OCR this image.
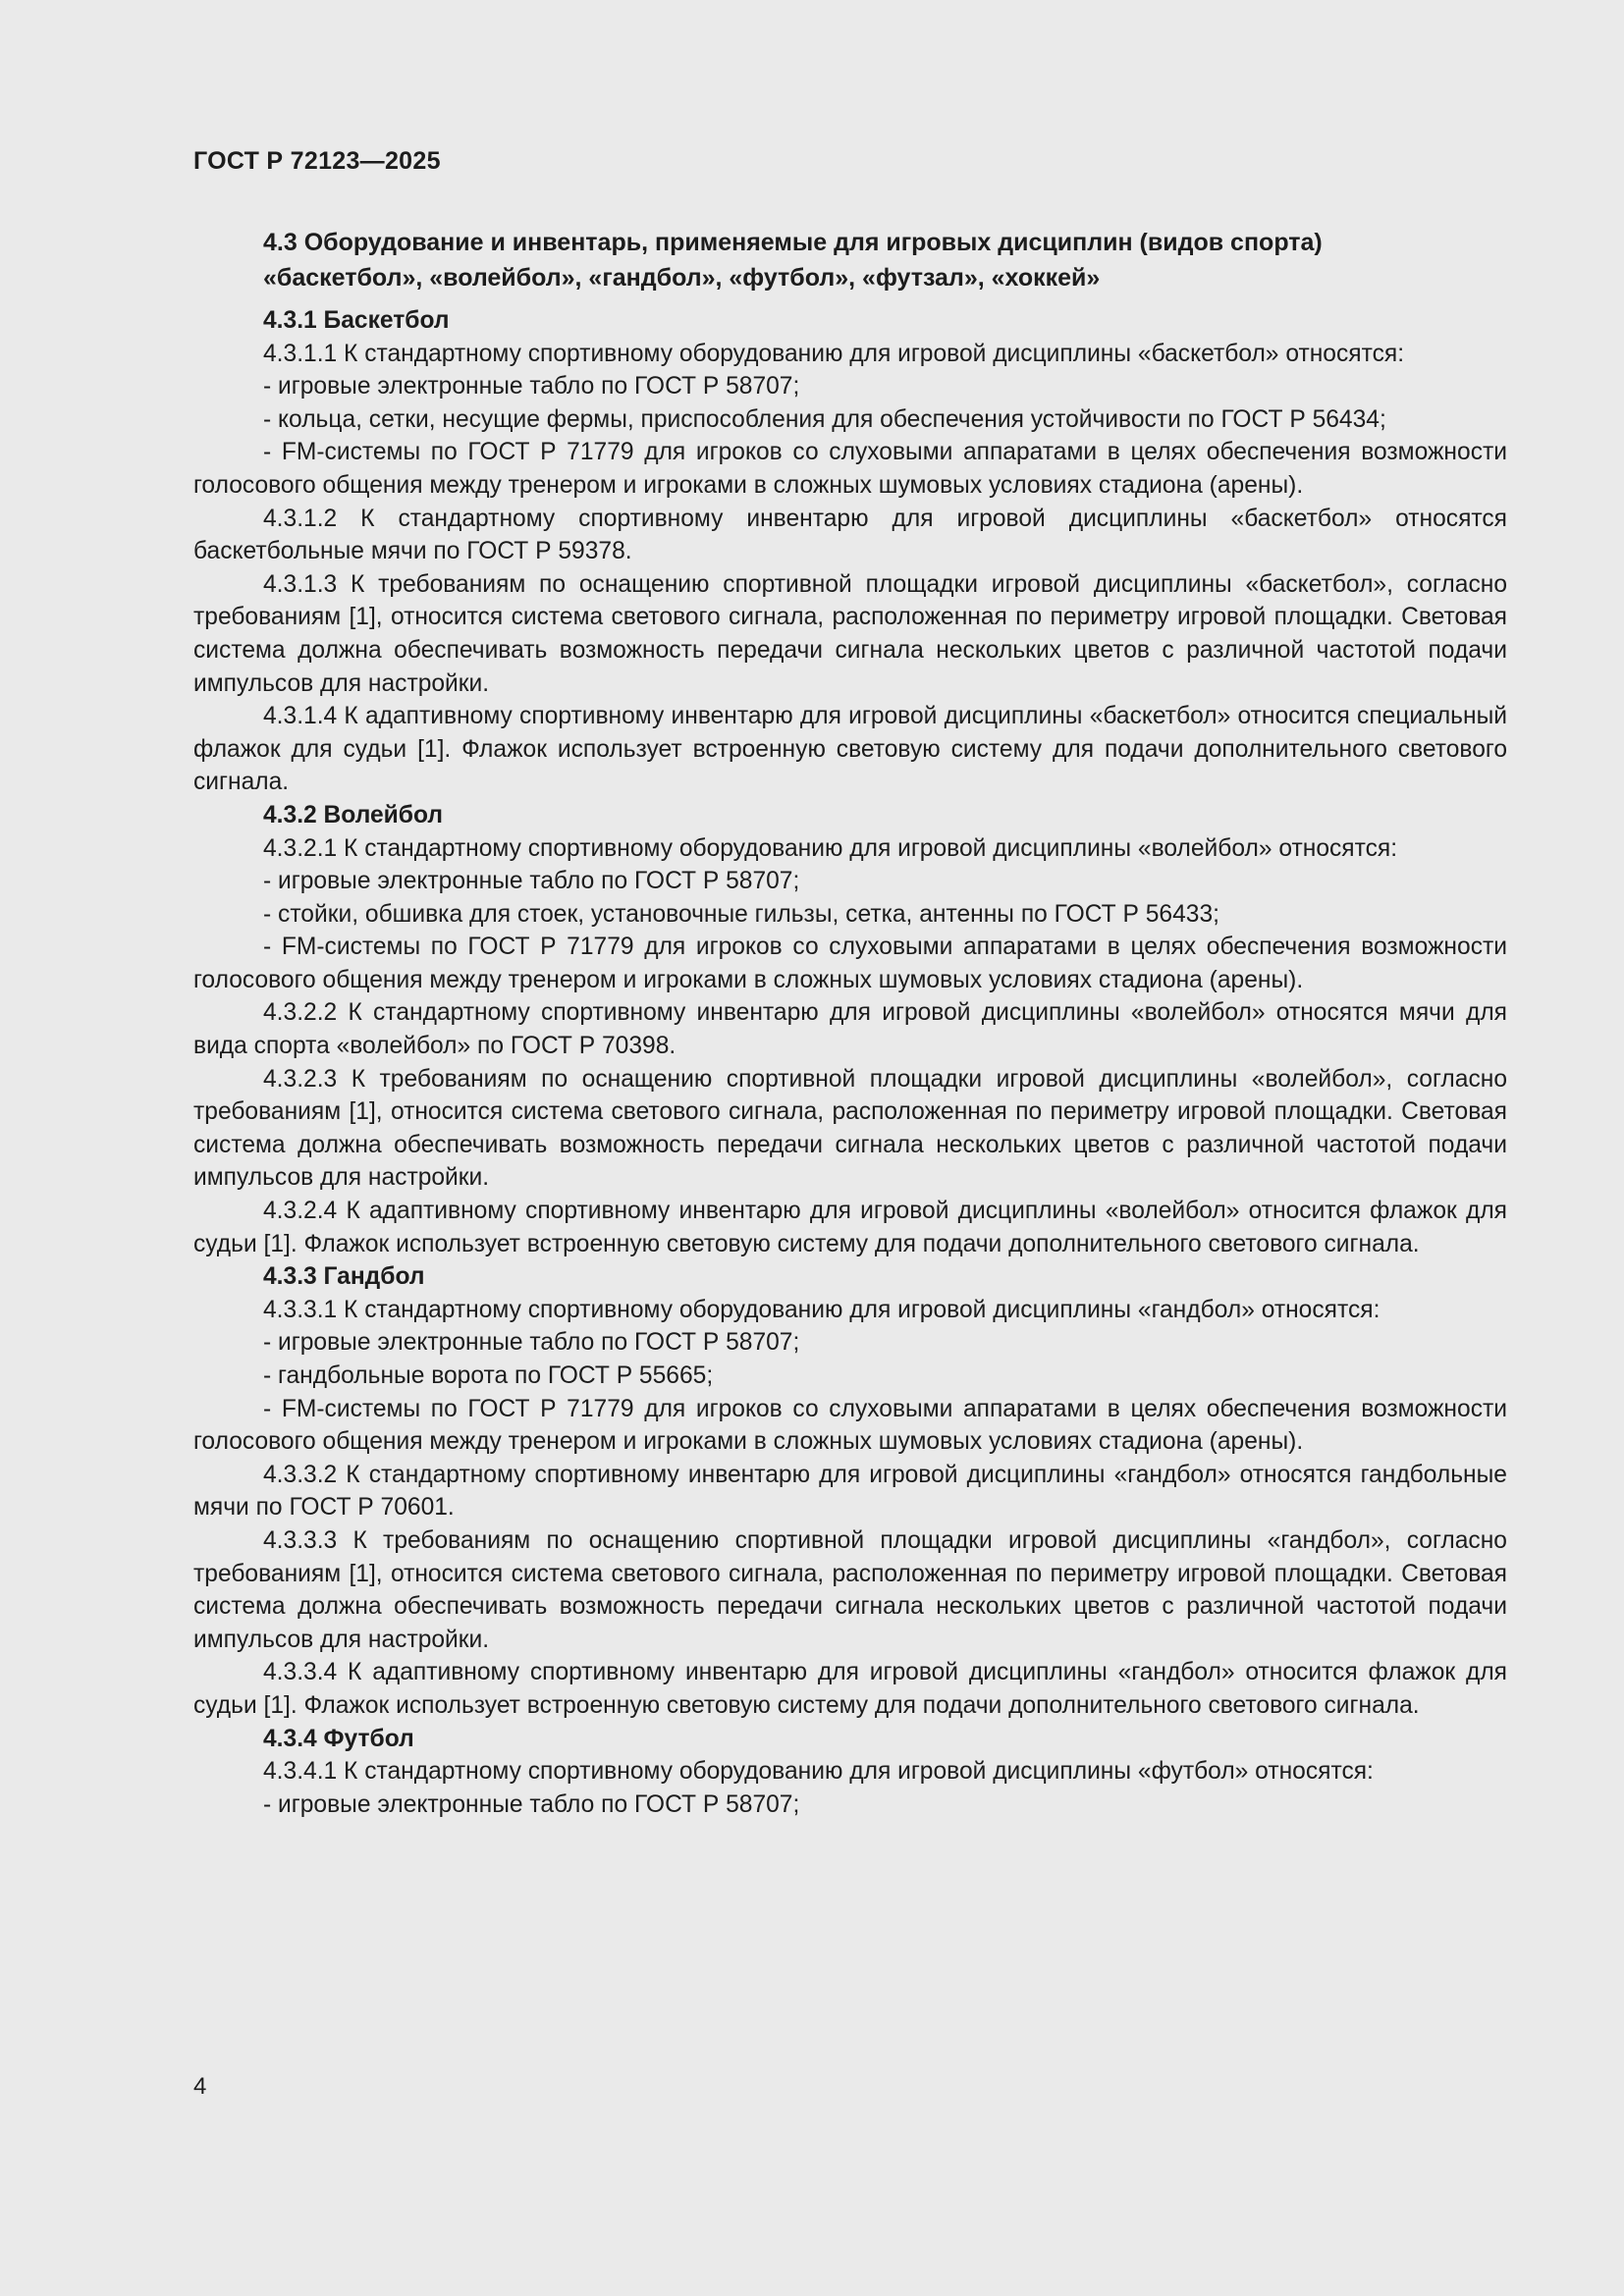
ГОСТ Р 72123—2025
4.3 Оборудование и инвентарь, применяемые для игровых дисциплин (видов спорта)
«баскетбол», «волейбол», «гандбол», «футбол», «футзал», «хоккей»
4.3.1 Баскетбол

4.3.1.1 К стандартному спортивному оборудованию для игровой дисциплины «баскетбол» относятся:

- игровые электронные табло по ГОСТ Р 58707;

- кольца, сетки, несущие фермы, приспособления для обеспечения устойчивости по ГОСТ Р 56434;

- FM-системы по ГОСТ Р 71779 для игроков со слуховыми аппаратами в целях обеспечения возможности голосового общения между тренером и игроками в сложных шумовых условиях стадиона (арены).

4.3.1.2 К стандартному спортивному инвентарю для игровой дисциплины «баскетбол» относятся баскетбольные мячи по ГОСТ Р 59378.

4.3.1.3 К требованиям по оснащению спортивной площадки игровой дисциплины «баскетбол», согласно требованиям [1], относится система светового сигнала, расположенная по периметру игровой площадки. Световая система должна обеспечивать возможность передачи сигнала нескольких цветов с различной частотой подачи импульсов для настройки.

4.3.1.4 К адаптивному спортивному инвентарю для игровой дисциплины «баскетбол» относится специальный флажок для судьи [1]. Флажок использует встроенную световую систему для подачи дополнительного светового сигнала.

4.3.2 Волейбол

4.3.2.1 К стандартному спортивному оборудованию для игровой дисциплины «волейбол» относятся:

- игровые электронные табло по ГОСТ Р 58707;

- стойки, обшивка для стоек, установочные гильзы, сетка, антенны по ГОСТ Р 56433;

- FM-системы по ГОСТ Р 71779 для игроков со слуховыми аппаратами в целях обеспечения возможности голосового общения между тренером и игроками в сложных шумовых условиях стадиона (арены).

4.3.2.2 К стандартному спортивному инвентарю для игровой дисциплины «волейбол» относятся мячи для вида спорта «волейбол» по ГОСТ Р 70398.

4.3.2.3 К требованиям по оснащению спортивной площадки игровой дисциплины «волейбол», согласно требованиям [1], относится система светового сигнала, расположенная по периметру игровой площадки. Световая система должна обеспечивать возможность передачи сигнала нескольких цветов с различной частотой подачи импульсов для настройки.

4.3.2.4 К адаптивному спортивному инвентарю для игровой дисциплины «волейбол» относится флажок для судьи [1]. Флажок использует встроенную световую систему для подачи дополнительного светового сигнала.

4.3.3 Гандбол

4.3.3.1 К стандартному спортивному оборудованию для игровой дисциплины «гандбол» относятся:

- игровые электронные табло по ГОСТ Р 58707;

- гандбольные ворота по ГОСТ Р 55665;

- FM-системы по ГОСТ Р 71779 для игроков со слуховыми аппаратами в целях обеспечения возможности голосового общения между тренером и игроками в сложных шумовых условиях стадиона (арены).

4.3.3.2 К стандартному спортивному инвентарю для игровой дисциплины «гандбол» относятся гандбольные мячи по ГОСТ Р 70601.

4.3.3.3 К требованиям по оснащению спортивной площадки игровой дисциплины «гандбол», согласно требованиям [1], относится система светового сигнала, расположенная по периметру игровой площадки. Световая система должна обеспечивать возможность передачи сигнала нескольких цветов с различной частотой подачи импульсов для настройки.

4.3.3.4 К адаптивному спортивному инвентарю для игровой дисциплины «гандбол» относится флажок для судьи [1]. Флажок использует встроенную световую систему для подачи дополнительного светового сигнала.

4.3.4 Футбол

4.3.4.1 К стандартному спортивному оборудованию для игровой дисциплины «футбол» относятся:

- игровые электронные табло по ГОСТ Р 58707;

4
